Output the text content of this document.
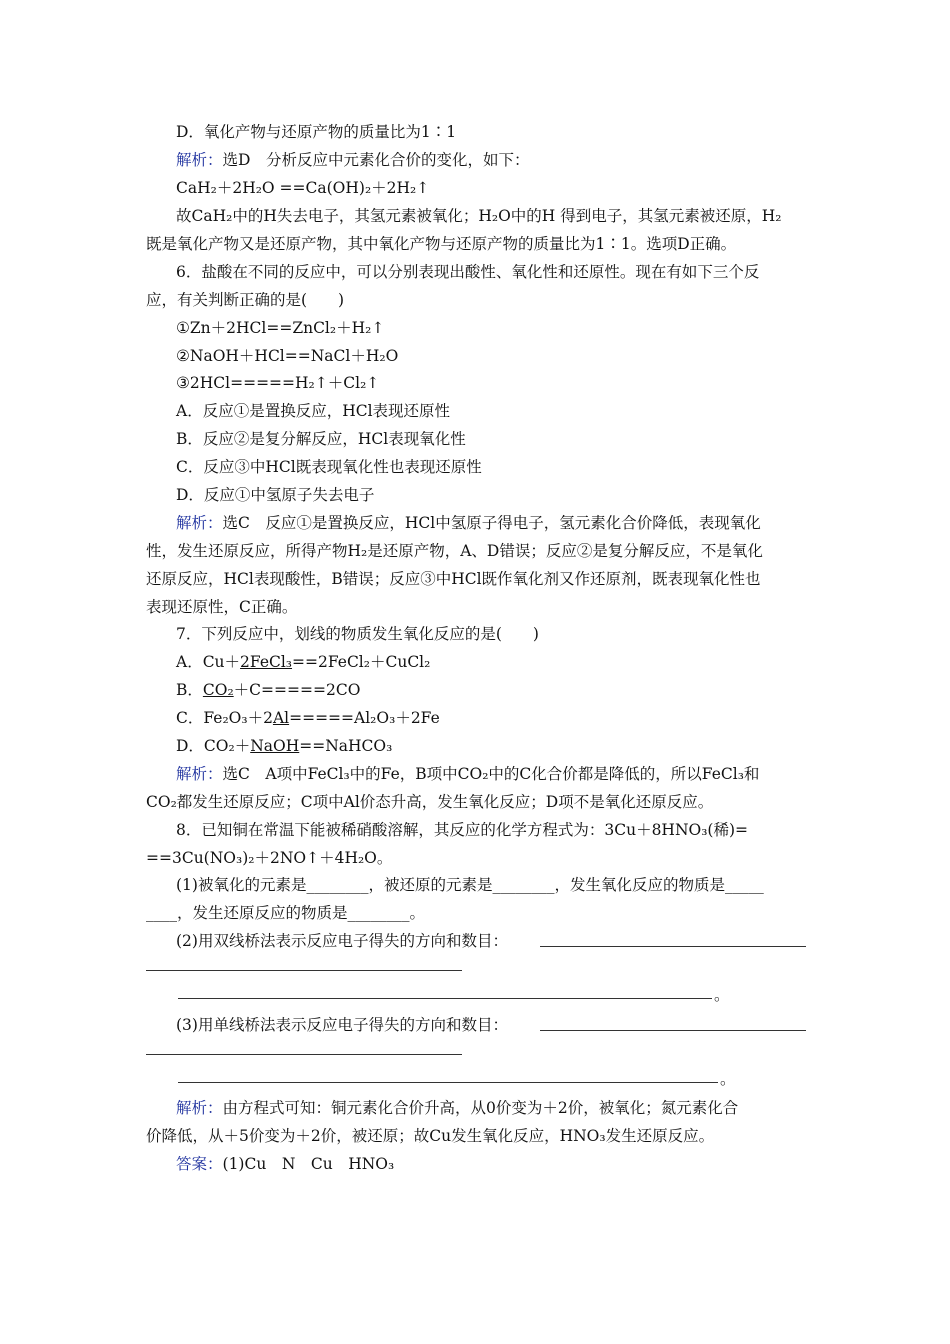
D．氧化产物与还原产物的质量比为1∶1
解析：选D　分析反应中元素化合价的变化，如下：
CaH₂＋2H₂O ==Ca(OH)₂＋2H₂↑
故CaH₂中的H失去电子，其氢元素被氧化；H₂O中的H 得到电子，其氢元素被还原，H₂
既是氧化产物又是还原产物，其中氧化产物与还原产物的质量比为1∶1。选项D正确。
6．盐酸在不同的反应中，可以分别表现出酸性、氧化性和还原性。现在有如下三个反
应，有关判断正确的是(　　)
①Zn＋2HCl==ZnCl₂＋H₂↑
②NaOH＋HCl==NaCl＋H₂O
③2HCl=====H₂↑＋Cl₂↑
A．反应①是置换反应，HCl表现还原性
B．反应②是复分解反应，HCl表现氧化性
C．反应③中HCl既表现氧化性也表现还原性
D．反应①中氢原子失去电子
解析：选C　反应①是置换反应，HCl中氢原子得电子，氢元素化合价降低，表现氧化
性，发生还原反应，所得产物H₂是还原产物，A、D错误；反应②是复分解反应，不是氧化
还原反应，HCl表现酸性，B错误；反应③中HCl既作氧化剂又作还原剂，既表现氧化性也
表现还原性，C正确。
7．下列反应中，划线的物质发生氧化反应的是(　　)
A．Cu＋2FeCl₃==2FeCl₂＋CuCl₂
B．CO₂＋C=====2CO
C．Fe₂O₃＋2Al=====Al₂O₃＋2Fe
D．CO₂＋NaOH==NaHCO₃
解析：选C　A项中FeCl₃中的Fe，B项中CO₂中的C化合价都是降低的，所以FeCl₃和
CO₂都发生还原反应；C项中Al价态升高，发生氧化反应；D项不是氧化还原反应。
8．已知铜在常温下能被稀硝酸溶解，其反应的化学方程式为：3Cu＋8HNO₃(稀)=
==3Cu(NO₃)₂＋2NO↑＋4H₂O。
(1)被氧化的元素是________，被还原的元素是________，发生氧化反应的物质是_____
____，发生还原反应的物质是________。
(2)用双线桥法表示反应电子得失的方向和数目：
。
(3)用单线桥法表示反应电子得失的方向和数目：
。
解析：由方程式可知：铜元素化合价升高，从0价变为＋2价，被氧化；氮元素化合
价降低，从＋5价变为＋2价，被还原；故Cu发生氧化反应，HNO₃发生还原反应。
答案：(1)Cu　N　Cu　HNO₃
